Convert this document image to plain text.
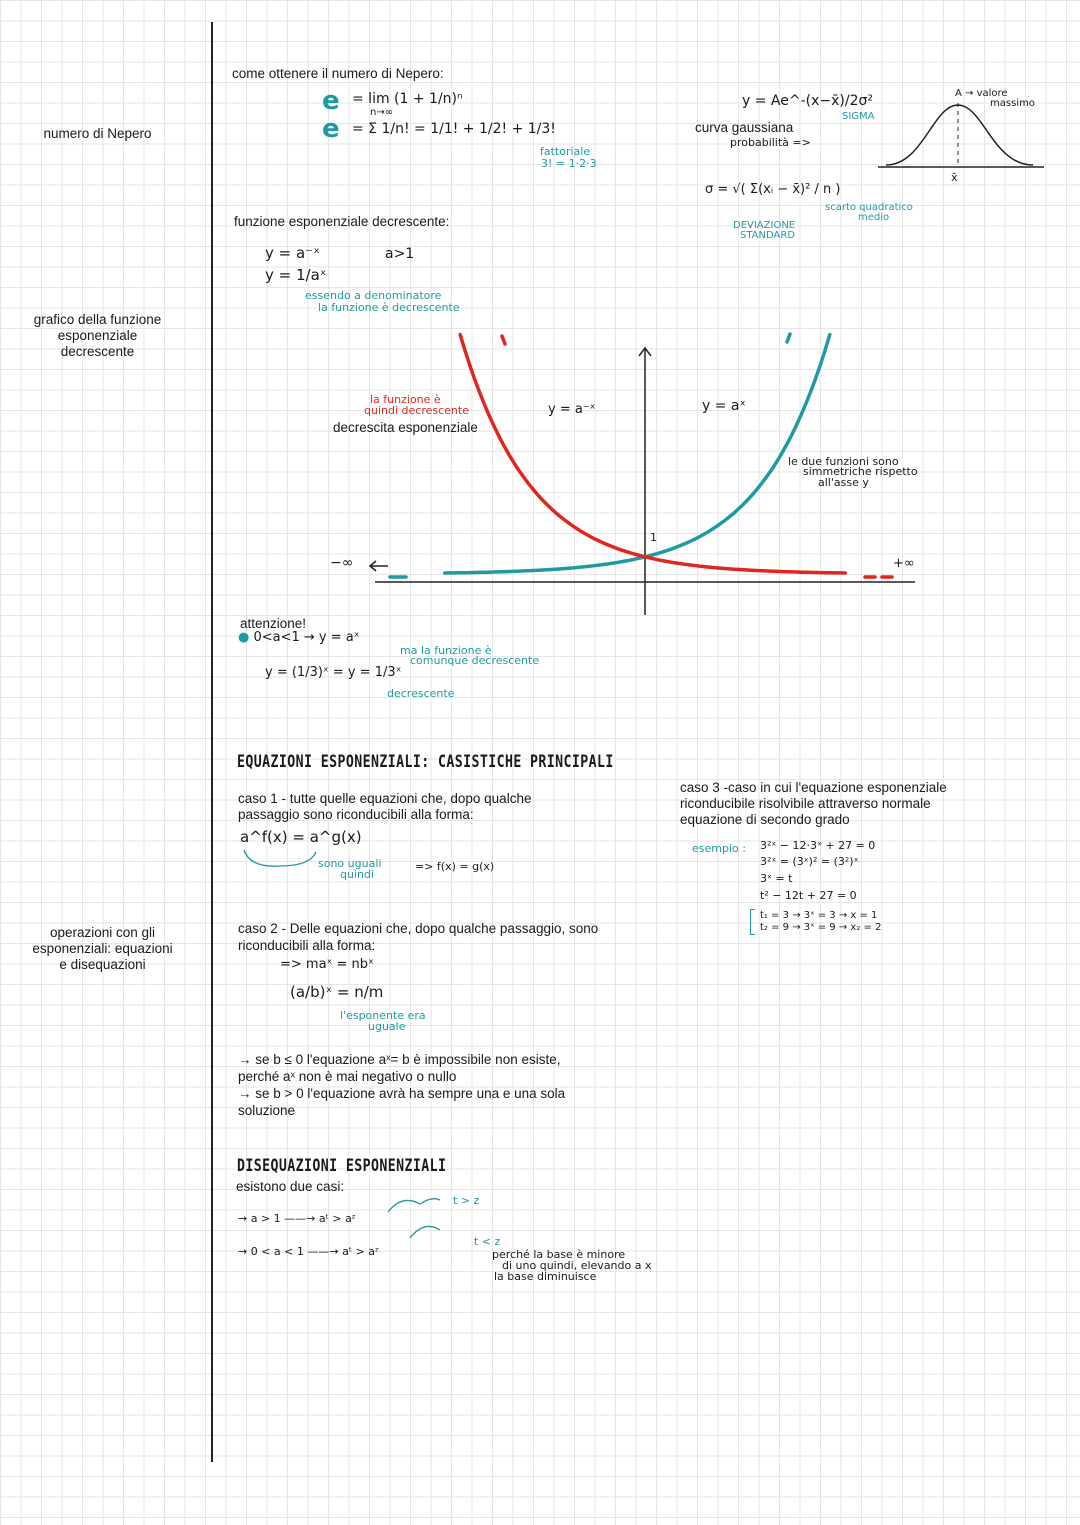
numero di Nepero
grafico della funzione
esponenziale
decrescente
operazioni con gli
esponenziali: equazioni
e disequazioni
come ottenere il numero di Nepero:
e = lim (1 + 1/n)ⁿ
n→∞
e = Σ 1/n! = 1/1! + 1/2! + 1/3!
fattoriale
3! = 1·2·3
y = Ae^-(x−x̄)/2σ²
SIGMA
curva gaussiana
probabilità =>
A → valore
massimo
x̄
σ = √( Σ(xᵢ − x̄)² / n )
scarto quadratico
medio
DEVIAZIONE
STANDARD
funzione esponenziale decrescente:
y = a⁻ˣ	a>1
y = 1/aˣ
essendo a denominatore
la funzione è decrescente
la funzione è
quindi decrescente
decrescita esponenziale
y = a⁻ˣ	y = aˣ
le due funzioni sono
simmetriche rispetto
all'asse y
1
−∞	+∞
attenzione!
● 0<a<1 → y = aˣ
ma la funzione è
comunque decrescente
y = (1/3)ˣ = y = 1/3ˣ
decrescente
EQUAZIONI ESPONENZIALI: CASISTICHE PRINCIPALI
caso 1 - tutte quelle equazioni che, dopo qualche
passaggio sono riconducibili alla forma:
a^f(x) = a^g(x)
sono uguali
quindi
=> f(x) = g(x)
caso 2 - Delle equazioni che, dopo qualche passaggio, sono
riconducibili alla forma:
=> maˣ = nbˣ
(a/b)ˣ = n/m
l'esponente era
uguale
→ se b ≤ 0 l'equazione aˣ= b è impossibile non esiste,
perché aˣ non è mai negativo o nullo
→ se b > 0 l'equazione avrà ha sempre una e una sola
soluzione
caso 3 -caso in cui l'equazione esponenziale
riconducibile risolvibile attraverso normale
equazione di secondo grado
esempio : 3²ˣ − 12·3ˣ + 27 = 0
3²ˣ = (3ˣ)² = (3²)ˣ
3ˣ = t
t² − 12t + 27 = 0
t₁ = 3 → 3ˣ = 3 → x = 1
t₂ = 9 → 3ˣ = 9 → x₂ = 2
DISEQUAZIONI ESPONENZIALI
esistono due casi:
t > z
→ a > 1 ——→ aᵗ > aᶻ
t < z
→ 0 < a < 1 ——→ aᵗ > aᶻ	perché la base è minore
di uno quindi, elevando a x
la base diminuisce
